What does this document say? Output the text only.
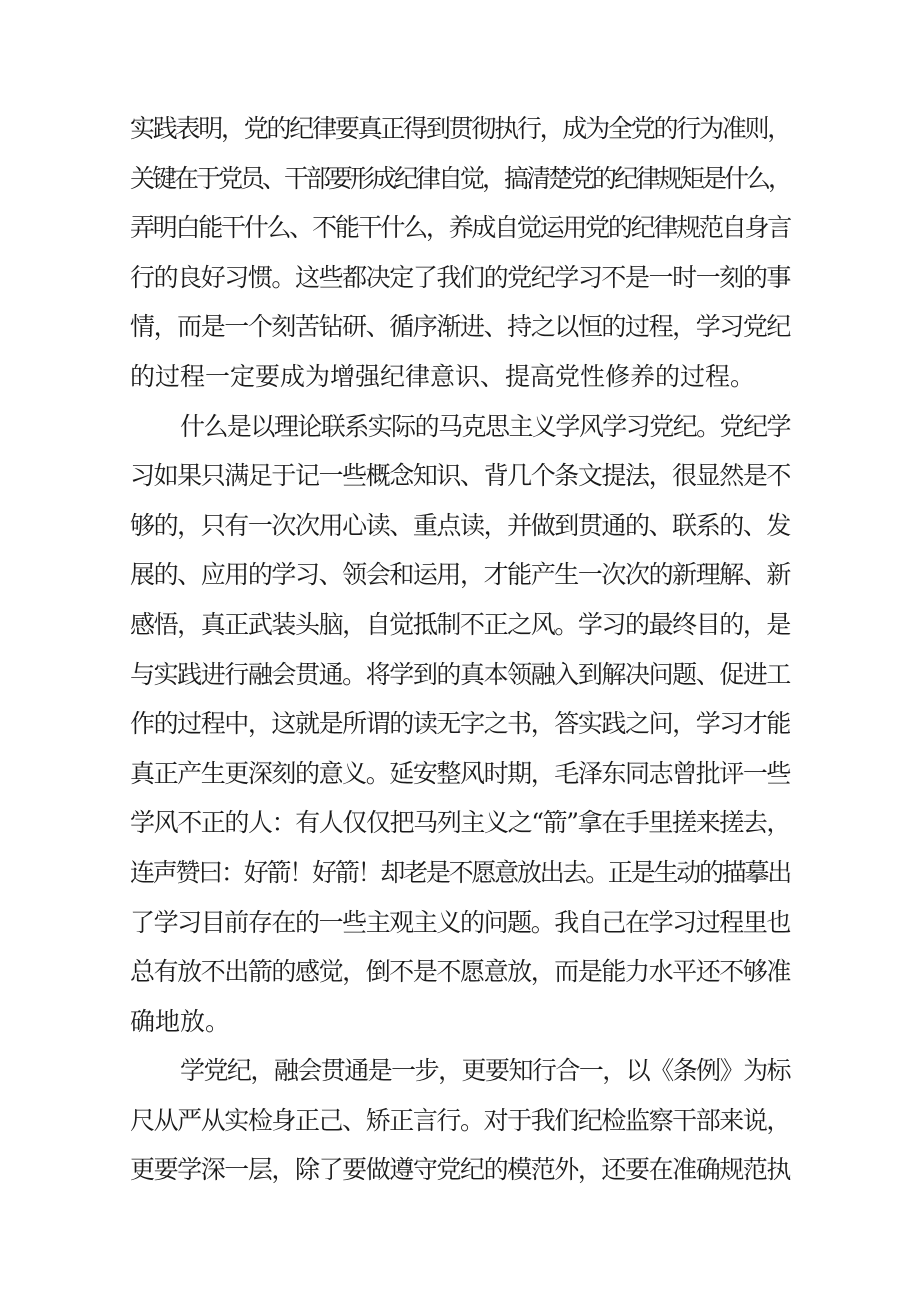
实践表明，党的纪律要真正得到贯彻执行，成为全党的行为准则，
关键在于党员、干部要形成纪律自觉，搞清楚党的纪律规矩是什么，
弄明白能干什么、不能干什么，养成自觉运用党的纪律规范自身言
行的良好习惯。这些都决定了我们的党纪学习不是一时一刻的事
情，而是一个刻苦钻研、循序渐进、持之以恒的过程，学习党纪
的过程一定要成为增强纪律意识、提高党性修养的过程。
什么是以理论联系实际的马克思主义学风学习党纪。党纪学
习如果只满足于记一些概念知识、背几个条文提法，很显然是不
够的，只有一次次用心读、重点读，并做到贯通的、联系的、发
展的、应用的学习、领会和运用，才能产生一次次的新理解、新
感悟，真正武装头脑，自觉抵制不正之风。学习的最终目的，是
与实践进行融会贯通。将学到的真本领融入到解决问题、促进工
作的过程中，这就是所谓的读无字之书，答实践之问，学习才能
真正产生更深刻的意义。延安整风时期，毛泽东同志曾批评一些
学风不正的人：有人仅仅把马列主义之“箭”拿在手里搓来搓去，
连声赞曰：好箭！好箭！却老是不愿意放出去。正是生动的描摹出
了学习目前存在的一些主观主义的问题。我自己在学习过程里也
总有放不出箭的感觉，倒不是不愿意放，而是能力水平还不够准
确地放。
学党纪，融会贯通是一步，更要知行合一，以《条例》为标
尺从严从实检身正己、矫正言行。对于我们纪检监察干部来说，
更要学深一层，除了要做遵守党纪的模范外，还要在准确规范执
